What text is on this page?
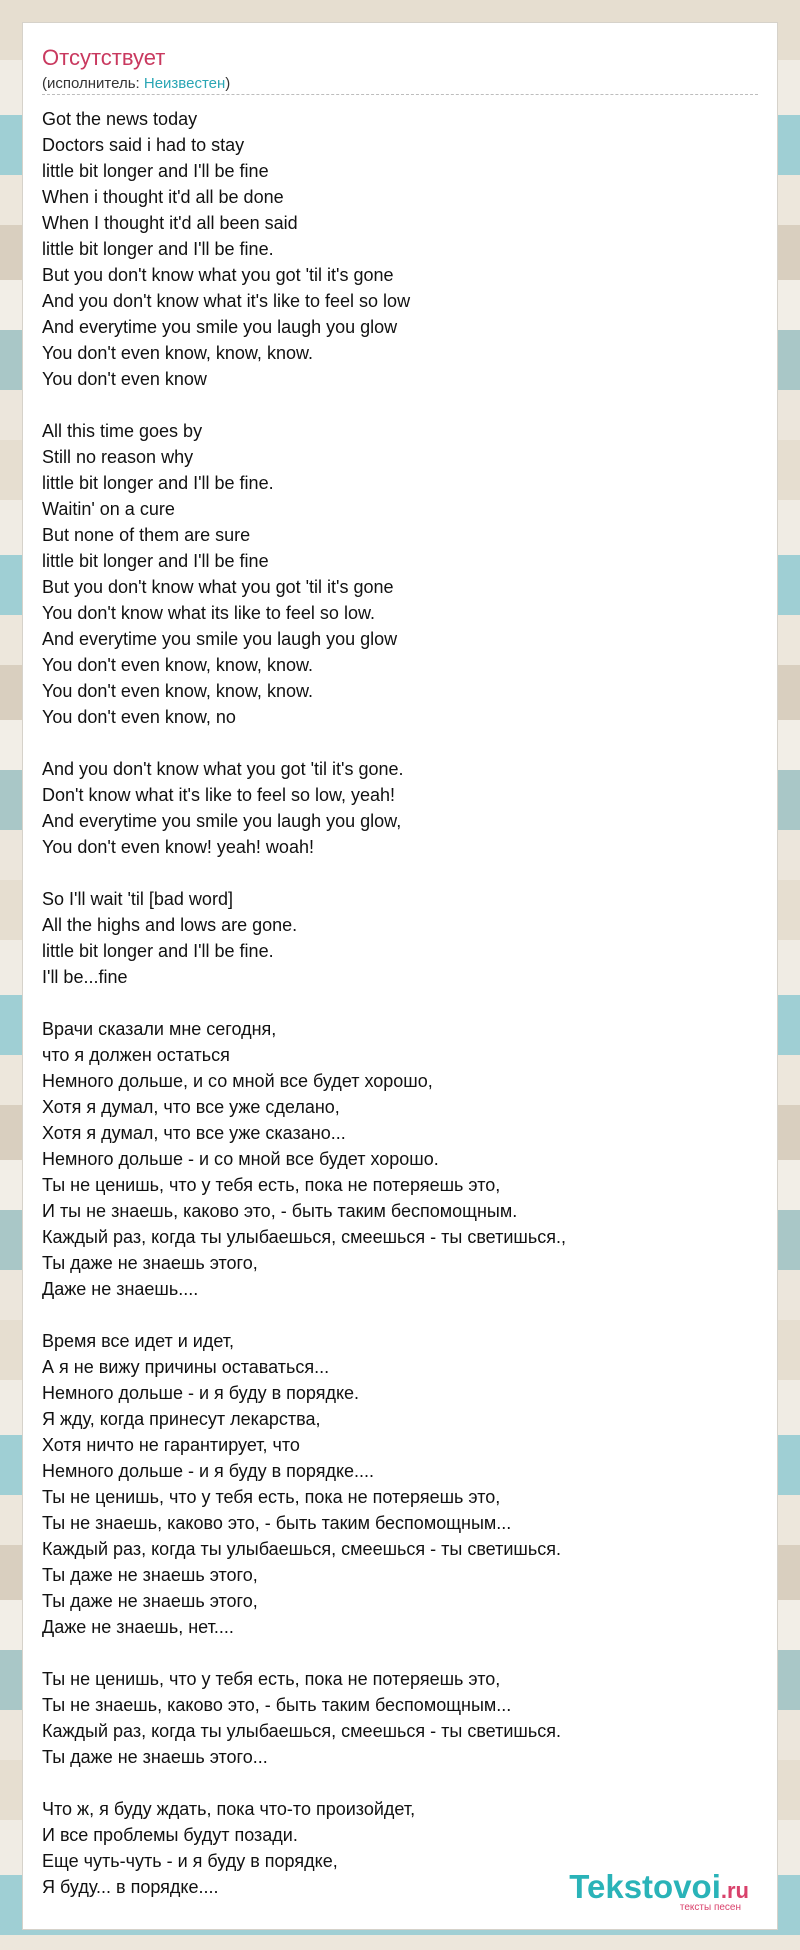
Отсутствует
(исполнитель: Неизвестен)
Got the news today
Doctors said i had to stay
little bit longer and I'll be fine
When i thought it'd all be done
When I thought it'd all been said
little bit longer and I'll be fine.
But you don't know what you got 'til it's gone
And you don't know what it's like to feel so low
And everytime you smile you laugh you glow
You don't even know, know, know.
You don't even know
All this time goes by
Still no reason why
little bit longer and I'll be fine.
Waitin' on a cure
But none of them are sure
little bit longer and I'll be fine
But you don't know what you got 'til it's gone
You don't know what its like to feel so low.
And everytime you smile you laugh you glow
You don't even know, know, know.
You don't even know, know, know.
You don't even know, no
And you don't know what you got 'til it's gone.
Don't know what it's like to feel so low, yeah!
And everytime you smile you laugh you glow,
You don't even know! yeah! woah!
So I'll wait 'til [bad word]
All the highs and lows are gone.
little bit longer and I'll be fine.
I'll be...fine
Врачи сказали мне сегодня,
что я должен остаться
Немного дольше, и со мной все будет хорошо,
Хотя я думал, что все уже сделано,
Хотя я думал, что все уже сказано...
Немного дольше - и со мной все будет хорошо.
Ты не ценишь, что у тебя есть, пока не потеряешь это,
И ты не знаешь, каково это, - быть таким беспомощным.
Каждый раз, когда ты улыбаешься, смеешься - ты светишься.,
Ты даже не знаешь этого,
Даже не знаешь....
Время все идет и идет,
А я не вижу причины оставаться...
Немного дольше - и я буду в порядке.
Я жду, когда принесут лекарства,
Хотя ничто не гарантирует, что
Немного дольше - и я буду в порядке....
Ты не ценишь, что у тебя есть, пока не потеряешь это,
Ты не знаешь, каково это, - быть таким беспомощным...
Каждый раз, когда ты улыбаешься, смеешься - ты светишься.
Ты даже не знаешь этого,
Ты даже не знаешь этого,
Даже не знаешь, нет....
Ты не ценишь, что у тебя есть, пока не потеряешь это,
Ты не знаешь, каково это, - быть таким беспомощным...
Каждый раз, когда ты улыбаешься, смеешься - ты светишься.
Ты даже не знаешь этого...
Что ж, я буду ждать, пока что-то произойдет,
И все проблемы будут позади.
Еще чуть-чуть - и я буду в порядке,
Я буду... в порядке....	Tekstovoi.ru
тексты песен
